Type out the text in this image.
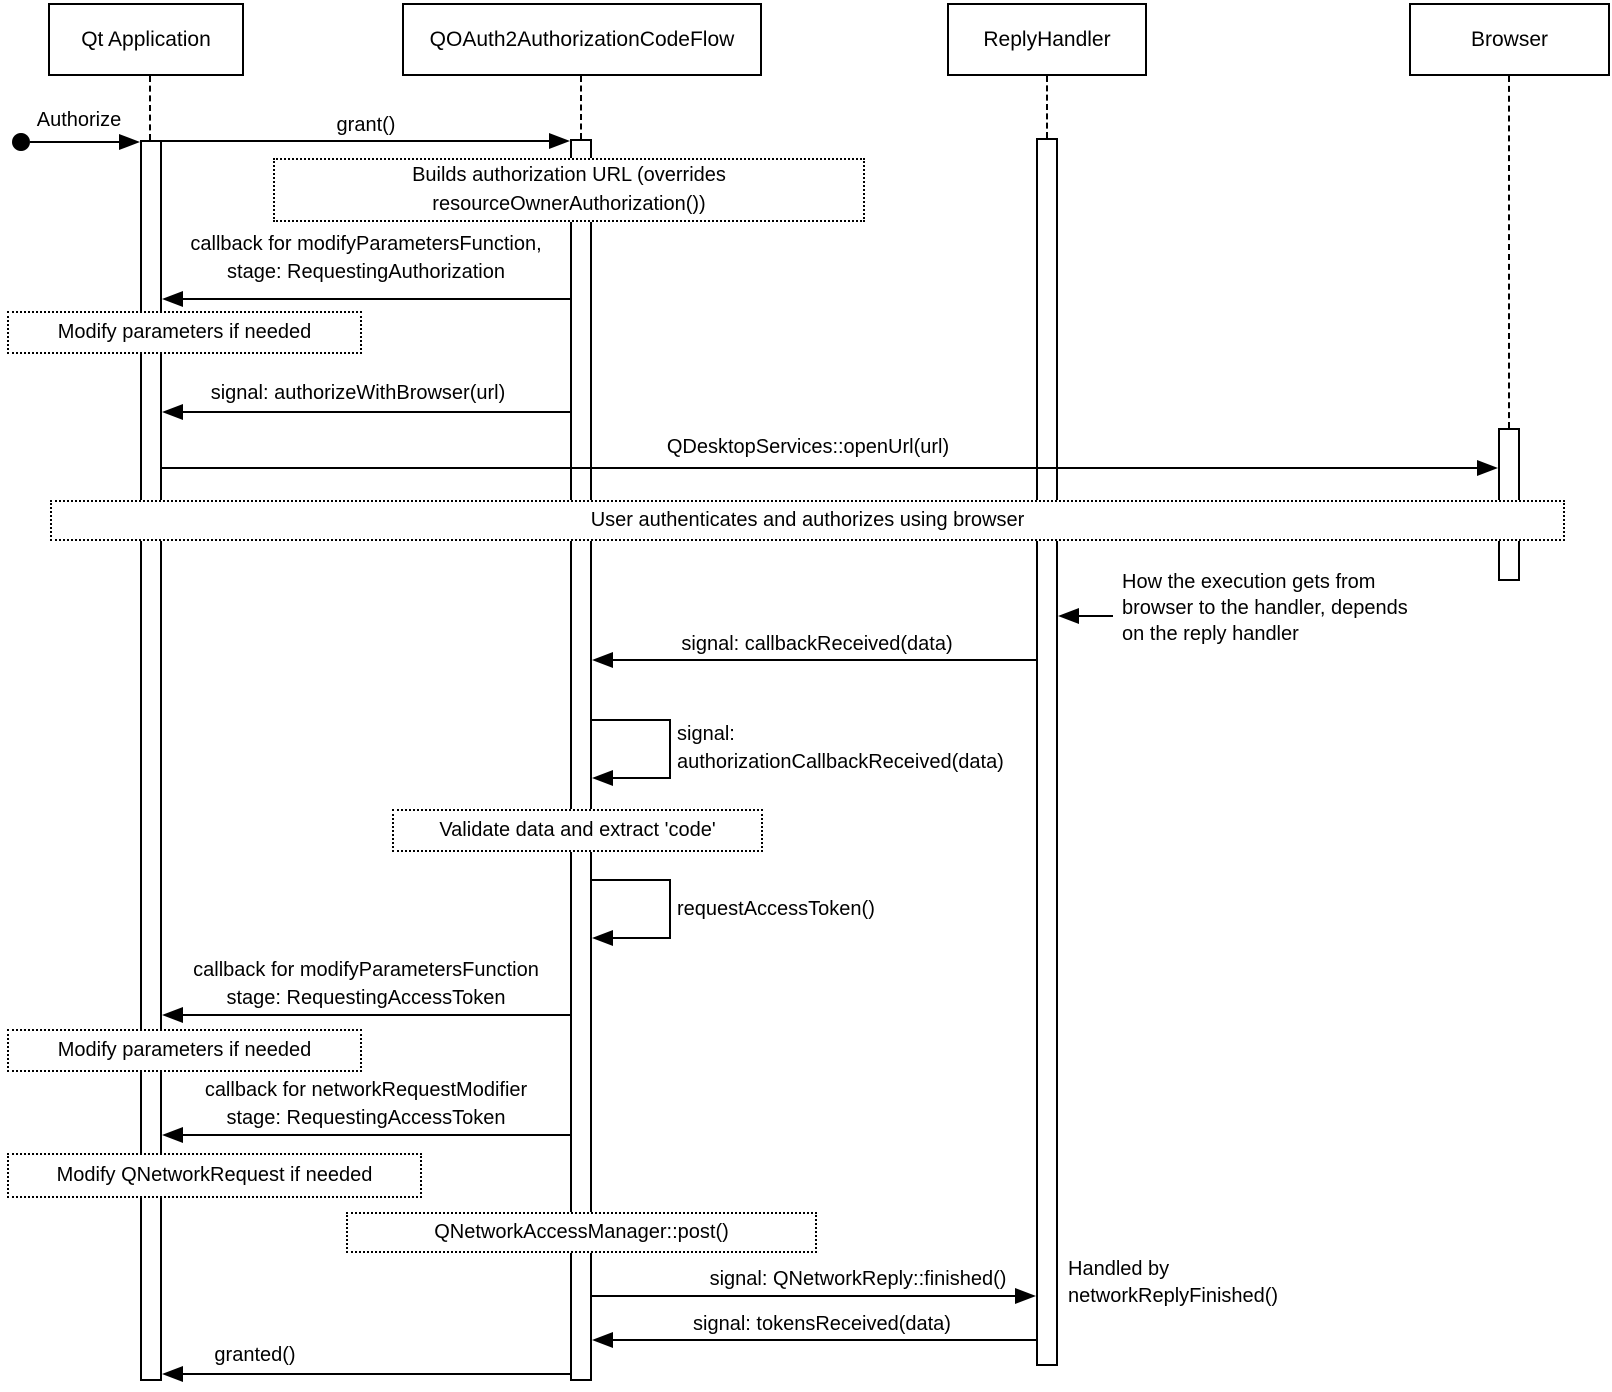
Qt Application	QOAuth2AuthorizationCodeFlow	ReplyHandler	Browser
Authorize	grant()
signal:
authorizationCallbackReceived(data)
requestAccessToken()
callback for modifyParametersFunction,
stage: RequestingAuthorization
signal: authorizeWithBrowser(url)
QDesktopServices::openUrl(url)
How the execution gets from
browser to the handler, depends
on the reply handler
signal: callbackReceived(data)
callback for modifyParametersFunction
stage: RequestingAccessToken
callback for networkRequestModifier
stage: RequestingAccessToken
signal: QNetworkReply::finished()
signal: tokensReceived(data)
Handled by
networkReplyFinished()
granted()
Builds authorization URL (overrides
resourceOwnerAuthorization())
Modify parameters if needed
User authenticates and authorizes using browser
Validate data and extract 'code'
Modify parameters if needed
Modify QNetworkRequest if needed
QNetworkAccessManager::post()
